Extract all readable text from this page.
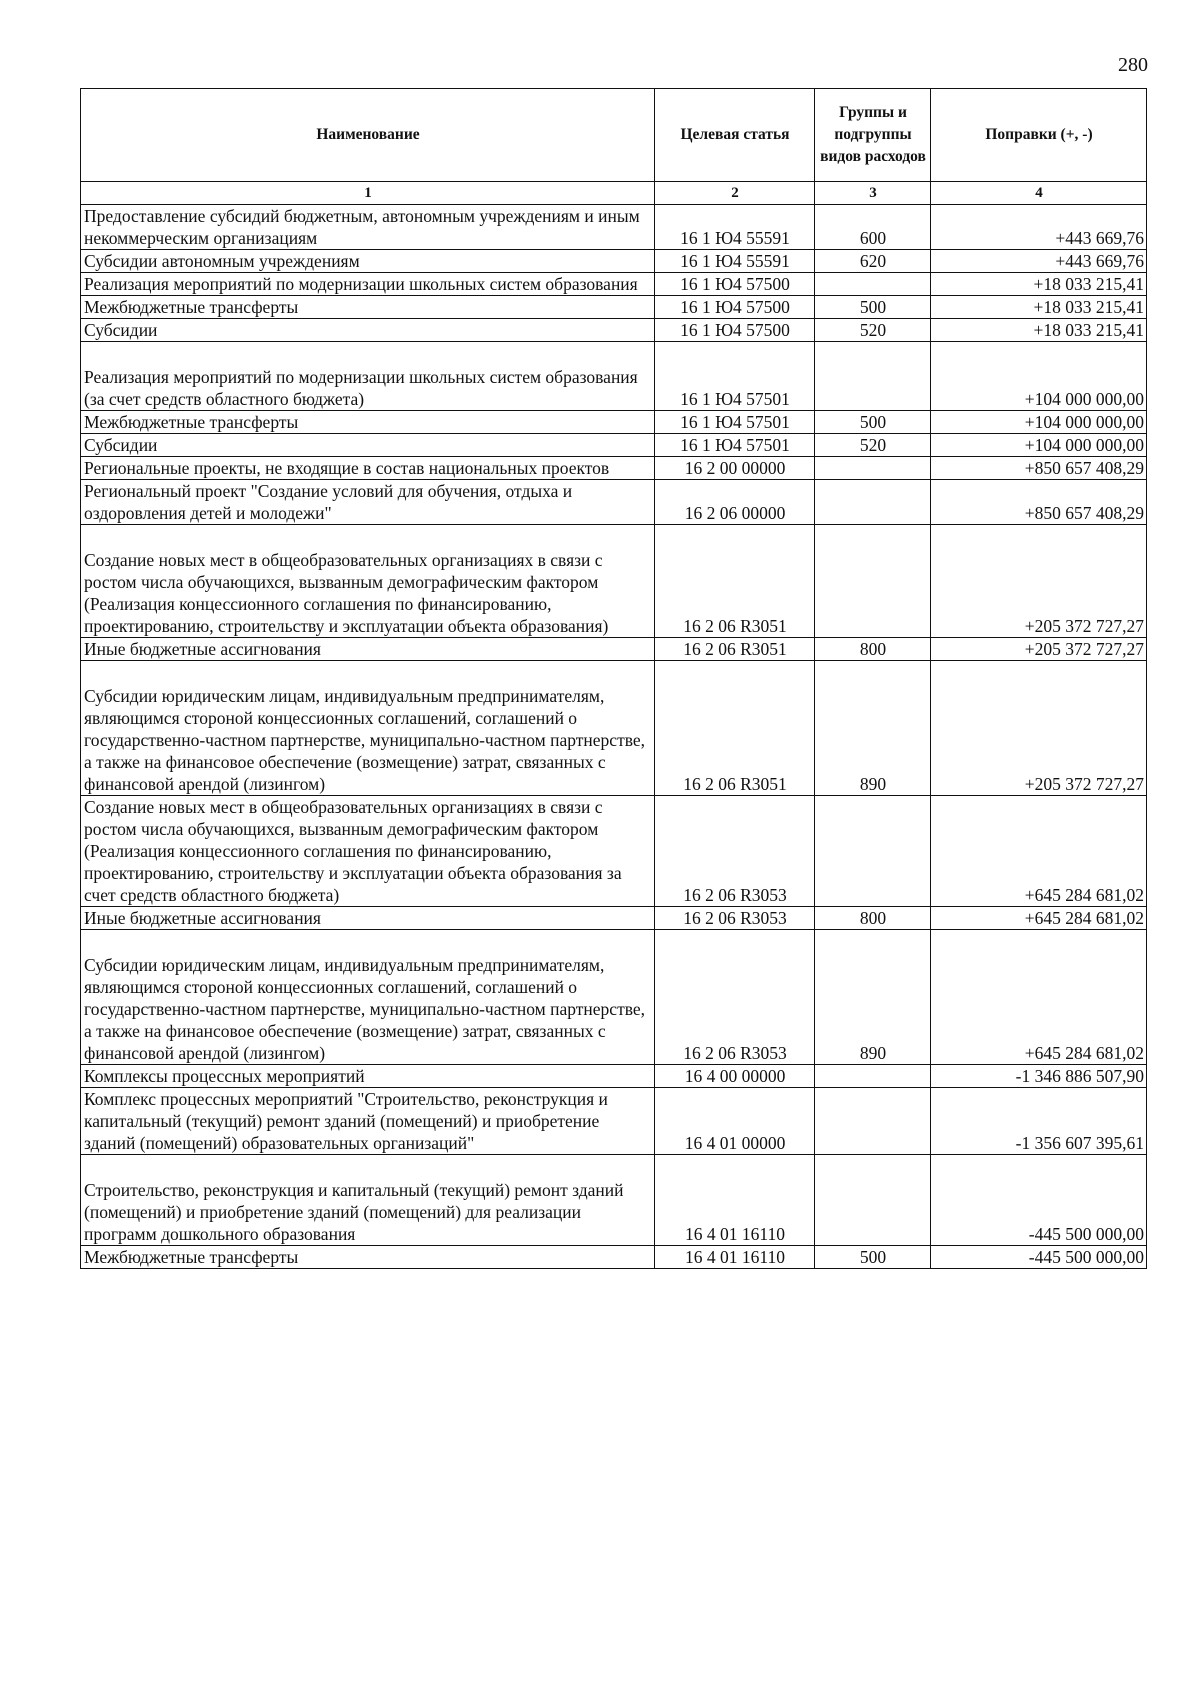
280
Наименование	Целевая статья	Группы и подгруппы видов расходов	Поправки (+, -)
1	2	3	4
Предоставление субсидий бюджетным, автономным учреждениям и иным некоммерческим организациям	16 1 Ю4 55591	600	+443 669,76
Субсидии автономным учреждениям	16 1 Ю4 55591	620	+443 669,76
Реализация мероприятий по модернизации школьных систем образования	16 1 Ю4 57500		+18 033 215,41
Межбюджетные трансферты	16 1 Ю4 57500	500	+18 033 215,41
Субсидии	16 1 Ю4 57500	520	+18 033 215,41
Реализация мероприятий по модернизации школьных систем образования (за счет средств областного бюджета)	16 1 Ю4 57501		+104 000 000,00
Межбюджетные трансферты	16 1 Ю4 57501	500	+104 000 000,00
Субсидии	16 1 Ю4 57501	520	+104 000 000,00
Региональные проекты, не входящие в состав национальных проектов	16 2 00 00000		+850 657 408,29
Региональный проект "Создание условий для обучения, отдыха и оздоровления детей и молодежи"	16 2 06 00000		+850 657 408,29
Создание новых мест в общеобразовательных организациях в связи с ростом числа обучающихся, вызванным демографическим фактором (Реализация концессионного соглашения по финансированию, проектированию, строительству и эксплуатации объекта образования)	16 2 06 R3051		+205 372 727,27
Иные бюджетные ассигнования	16 2 06 R3051	800	+205 372 727,27
Субсидии юридическим лицам, индивидуальным предпринимателям, являющимся стороной концессионных соглашений, соглашений о государственно-частном партнерстве, муниципально-частном партнерстве, а также на финансовое обеспечение (возмещение) затрат, связанных с финансовой арендой (лизингом)	16 2 06 R3051	890	+205 372 727,27
Создание новых мест в общеобразовательных организациях в связи с ростом числа обучающихся, вызванным демографическим фактором (Реализация концессионного соглашения по финансированию, проектированию, строительству и эксплуатации объекта образования за счет средств областного бюджета)	16 2 06 R3053		+645 284 681,02
Иные бюджетные ассигнования	16 2 06 R3053	800	+645 284 681,02
Субсидии юридическим лицам, индивидуальным предпринимателям, являющимся стороной концессионных соглашений, соглашений о государственно-частном партнерстве, муниципально-частном партнерстве, а также на финансовое обеспечение (возмещение) затрат, связанных с финансовой арендой (лизингом)	16 2 06 R3053	890	+645 284 681,02
Комплексы процессных мероприятий	16 4 00 00000		-1 346 886 507,90
Комплекс процессных мероприятий "Строительство, реконструкция и капитальный (текущий) ремонт зданий (помещений) и приобретение зданий (помещений) образовательных организаций"	16 4 01 00000		-1 356 607 395,61
Строительство, реконструкция и капитальный (текущий) ремонт зданий (помещений) и приобретение зданий (помещений) для реализации программ дошкольного образования	16 4 01 16110		-445 500 000,00
Межбюджетные трансферты	16 4 01 16110	500	-445 500 000,00
